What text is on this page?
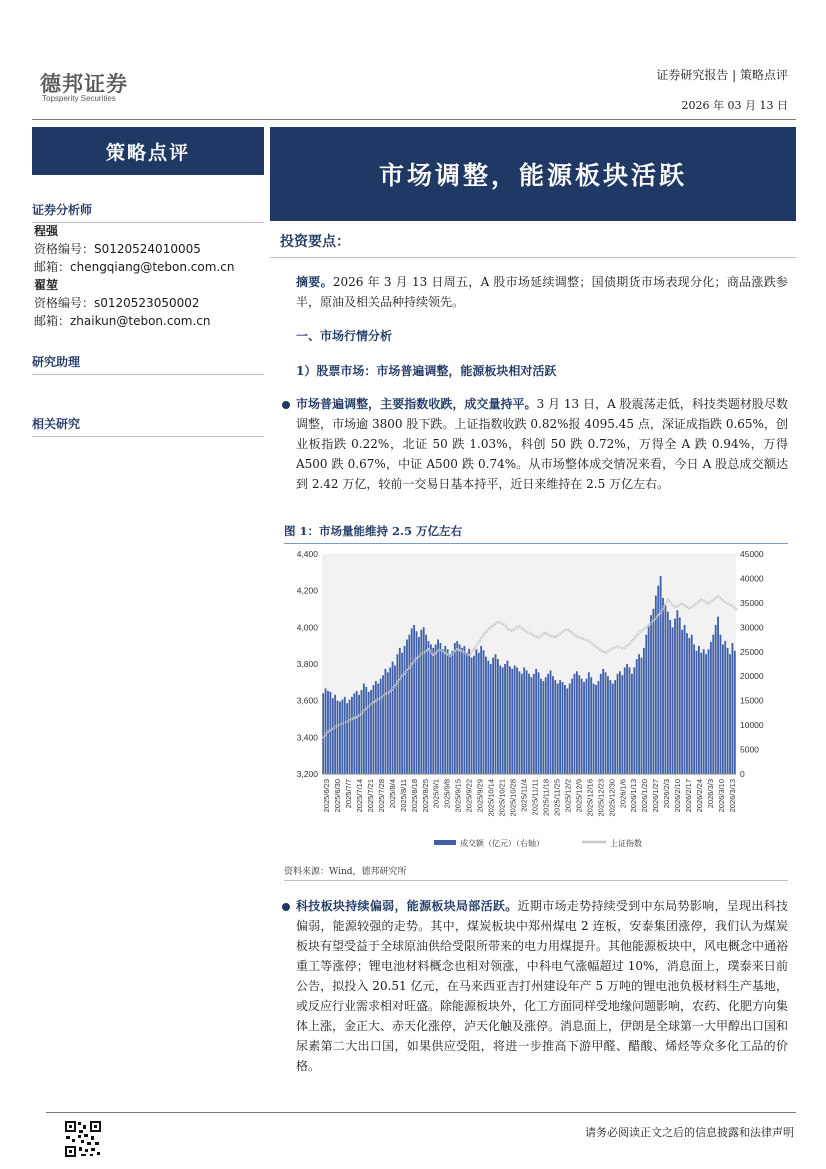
德邦证券
Topsperity Securities
证券研究报告 | 策略点评
2026 年 03 月 13 日
策略点评
证券分析师
程强
资格编号：S0120524010005
邮箱：chengqiang@tebon.com.cn
翟堃
资格编号：s0120523050002
邮箱：zhaikun@tebon.com.cn
研究助理
相关研究
市场调整，能源板块活跃
投资要点：
摘要。2026 年 3 月 13 日周五，A 股市场延续调整；国债期货市场表现分化；商品涨跌参半，原油及相关品种持续领先。
一、市场行情分析
1）股票市场：市场普遍调整，能源板块相对活跃
市场普遍调整，主要指数收跌，成交量持平。3 月 13 日，A 股震荡走低，科技类题材股尽数调整，市场逾 3800 股下跌。上证指数收跌 0.82%报 4095.45 点，深证成指跌 0.65%，创业板指跌 0.22%，北证 50 跌 1.03%，科创 50 跌 0.72%，万得全 A 跌 0.94%，万得 A500 跌 0.67%，中证 A500 跌 0.74%。从市场整体成交情况来看，今日 A 股总成交额达到 2.42 万亿，较前一交易日基本持平，近日来维持在 2.5 万亿左右。
图 1：市场量能维持 2.5 万亿左右
3,200
3,400
3,600
3,800
4,000
4,200
4,400
0
5000
10000
15000
20000
25000
30000
35000
40000
45000
2025/6/23 2025/6/30 2025/7/7 2025/7/14 2025/7/21 2025/7/28 2025/8/4 2025/8/11 2025/8/18 2025/8/25 2025/9/1 2025/9/8 2025/9/15 2025/9/22 2025/9/29 2025/10/14 2025/10/21 2025/10/28 2025/11/4 2025/11/11 2025/11/18 2025/11/25 2025/12/2 2025/12/9 2025/12/16 2025/12/23 2025/12/30 2026/1/6 2026/1/13 2026/1/20 2026/1/27 2026/2/3 2026/2/10 2026/2/17 2026/2/24 2026/3/3 2026/3/10 2026/3/13
成交额（亿元）（右轴）	上证指数
资料来源：Wind，德邦研究所
科技板块持续偏弱，能源板块局部活跃。近期市场走势持续受到中东局势影响，呈现出科技偏弱，能源较强的走势。其中，煤炭板块中郑州煤电 2 连板，安泰集团涨停，我们认为煤炭板块有望受益于全球原油供给受限所带来的电力用煤提升。其他能源板块中，风电概念中通裕重工等涨停；锂电池材料概念也相对领涨，中科电气涨幅超过 10%，消息面上，璞泰来日前公告，拟投入 20.51 亿元，在马来西亚吉打州建设年产 5 万吨的锂电池负极材料生产基地，或反应行业需求相对旺盛。除能源板块外，化工方面同样受地缘问题影响，农药、化肥方向集体上涨，金正大、赤天化涨停，泸天化触及涨停。消息面上，伊朗是全球第一大甲醇出口国和尿素第二大出口国，如果供应受阻，将进一步推高下游甲醛、醋酸、烯烃等众多化工品的价格。
请务必阅读正文之后的信息披露和法律声明
